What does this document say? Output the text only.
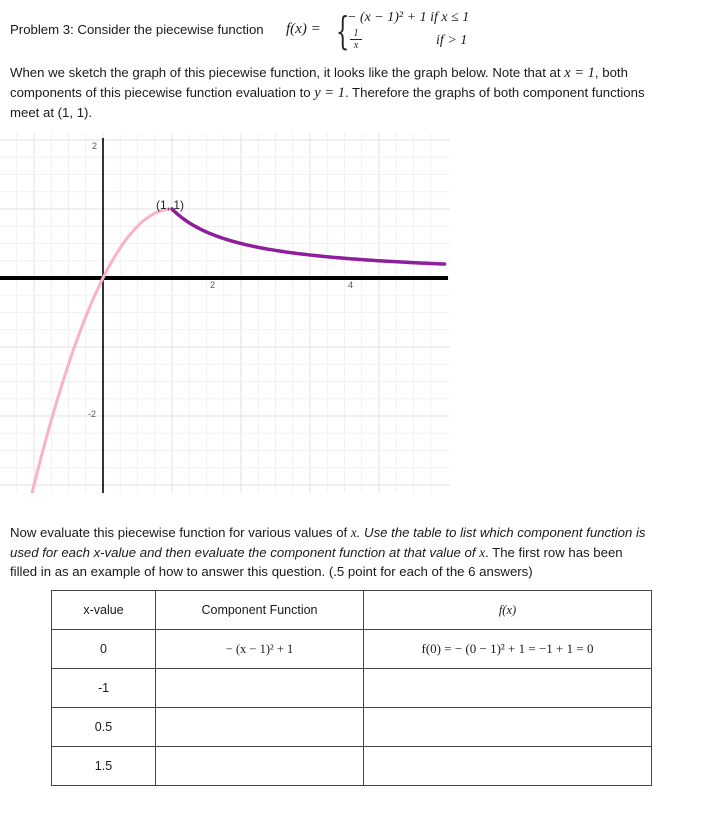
Problem 3: Consider the piecewise function f(x) = {
− (x − 1)² + 1 if x ≤ 1
$\frac{1}{x}$	if > 1
When we sketch the graph of this piecewise function, it looks like the graph below. Note that at x = 1, both components of this piecewise function evaluation to y = 1. Therefore the graphs of both component functions meet at (1, 1).
2	4
2
-2
(1, 1)
Now evaluate this piecewise function for various values of x. Use the table to list which component function is used for each x-value and then evaluate the component function at that value of x. The first row has been filled in as an example of how to answer this question. (.5 point for each of the 6 answers)
x-value	Component Function	f(x)
0	− (x − 1)² + 1	f(0) = − (0 − 1)² + 1 = −1 + 1 = 0
-1		
0.5		
1.5		
